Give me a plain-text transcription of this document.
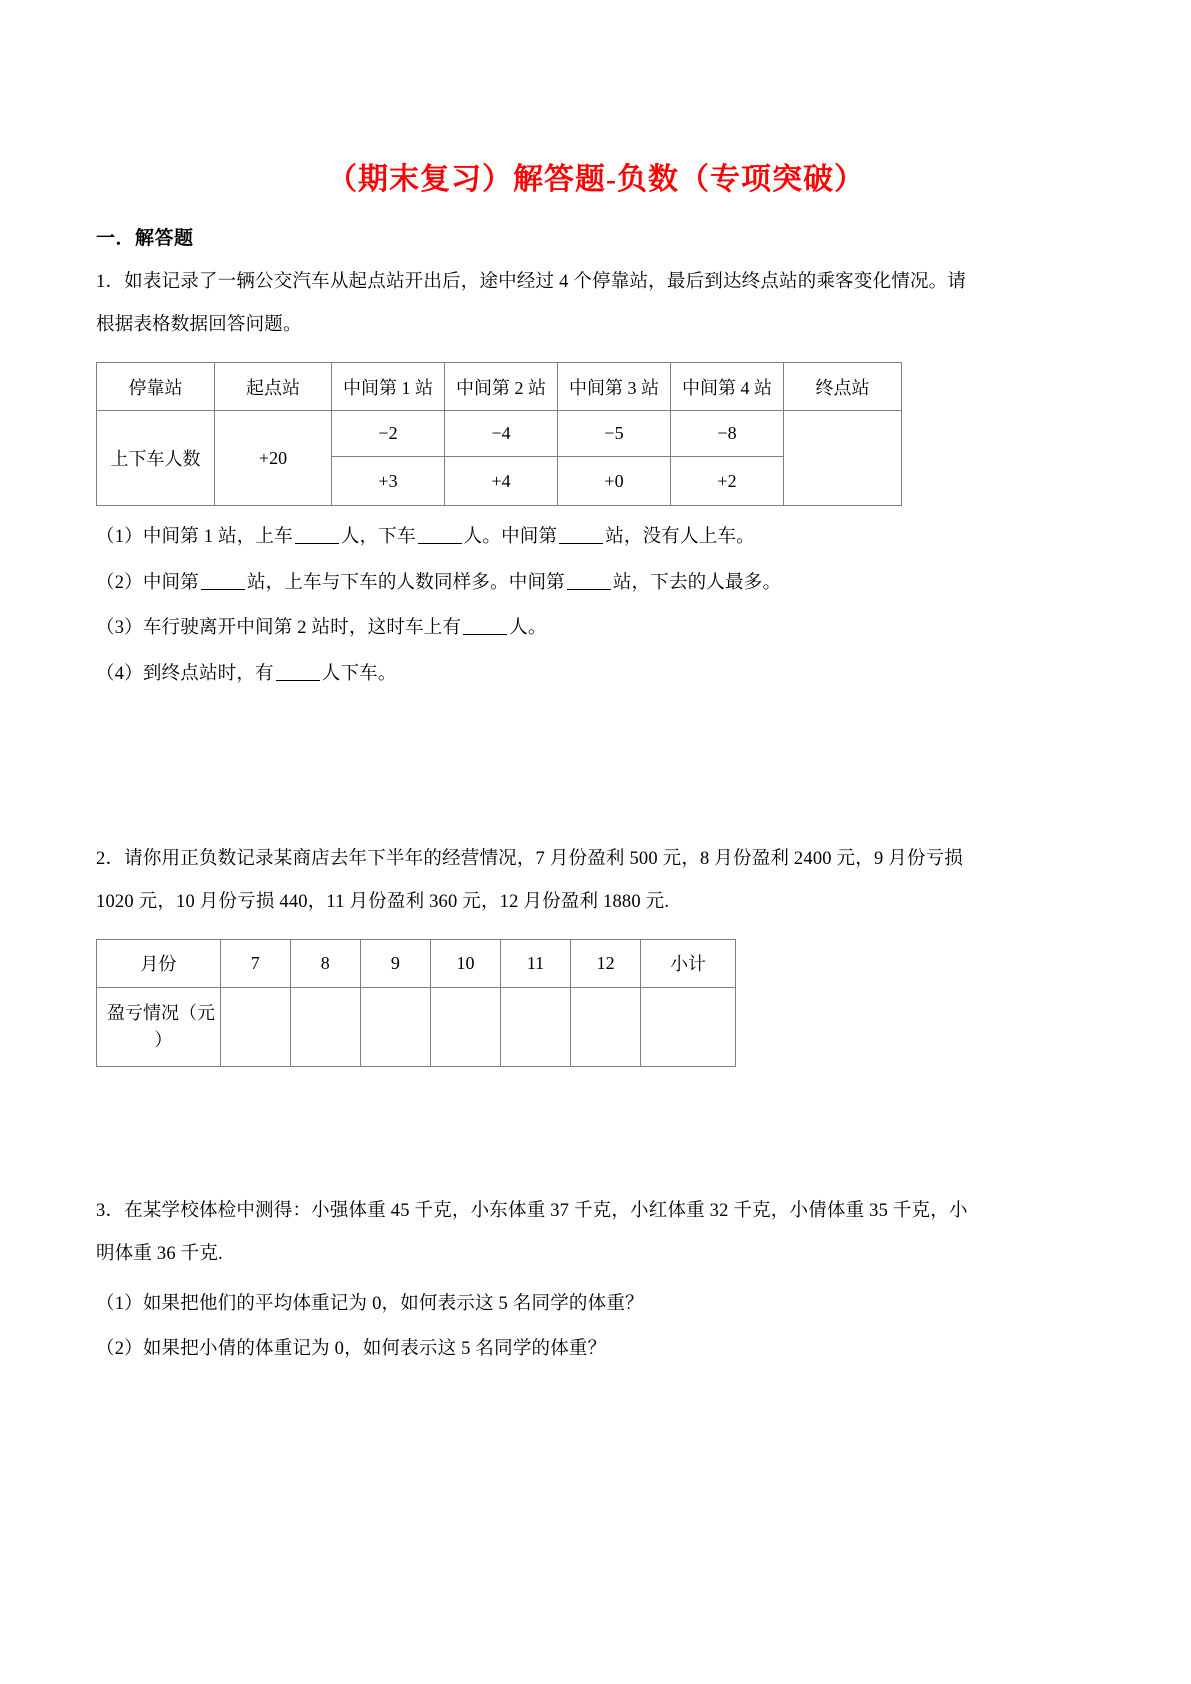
（期末复习）解答题-负数（专项突破）
一．解答题
1．如表记录了一辆公交汽车从起点站开出后，途中经过 4 个停靠站，最后到达终点站的乘客变化情况。请
根据表格数据回答问题。
停靠站	起点站	中间第 1 站	中间第 2 站	中间第 3 站	中间第 4 站	终点站
上下车人数	+20	−2	−4	−5	−8	
		+3	+4	+0	+2	
（1）中间第 1 站，上车	人，下车	人。中间第	站，没有人上车。
（2）中间第	站，上车与下车的人数同样多。中间第	站，下去的人最多。
（3）车行驶离开中间第 2 站时，这时车上有	人。
（4）到终点站时，有	人下车。
2．请你用正负数记录某商店去年下半年的经营情况，7 月份盈利 500 元，8 月份盈利 2400 元，9 月份亏损
1020 元，10 月份亏损 440，11 月份盈利 360 元，12 月份盈利 1880 元.
月份	7	8	9	10	11	12	小计
盈亏情况（元
）							

3．在某学校体检中测得：小强体重 45 千克，小东体重 37 千克，小红体重 32 千克，小倩体重 35 千克，小
明体重 36 千克.
（1）如果把他们的平均体重记为 0，如何表示这 5 名同学的体重？
（2）如果把小倩的体重记为 0，如何表示这 5 名同学的体重？
